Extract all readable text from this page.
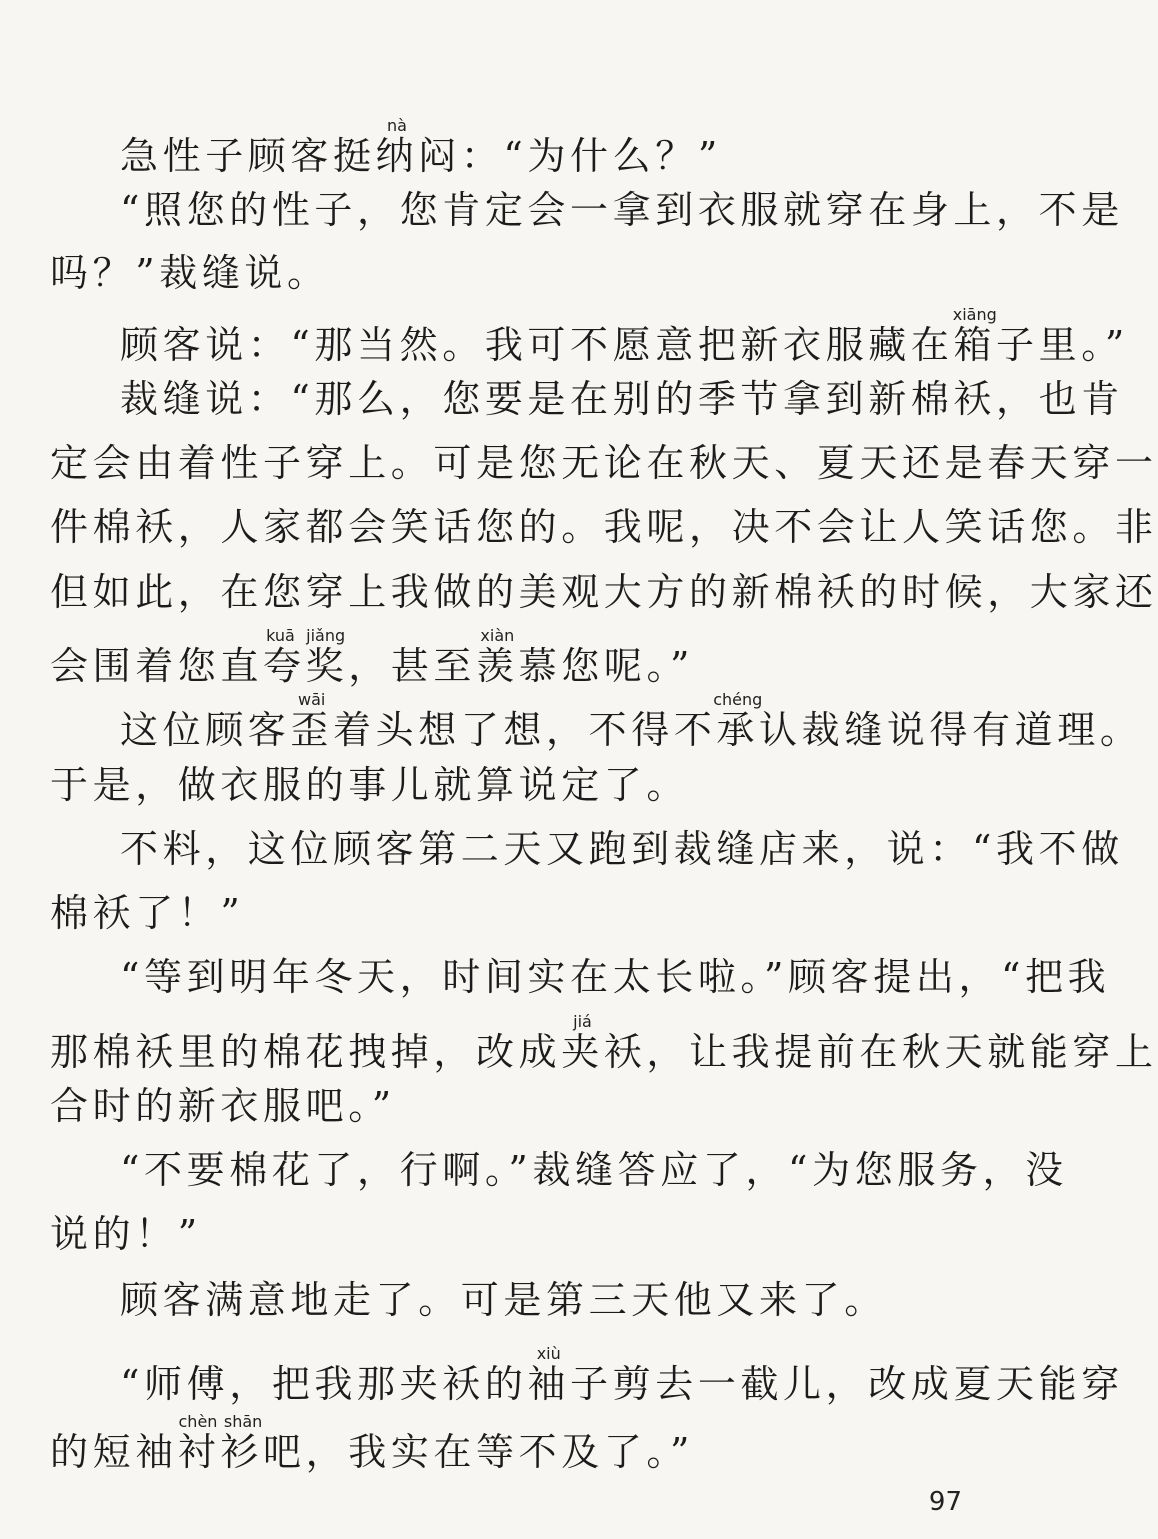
急性子顾客挺纳nà闷：“为什么？”
“照您的性子，您肯定会一拿到衣服就穿在身上，不是
吗？”裁缝说。
顾客说：“那当然。我可不愿意把新衣服藏在箱xiāng子里。”
裁缝说：“那么，您要是在别的季节拿到新棉袄，也肯
定会由着性子穿上。可是您无论在秋天、夏天还是春天穿一
件棉袄，人家都会笑话您的。我呢，决不会让人笑话您。非
但如此，在您穿上我做的美观大方的新棉袄的时候，大家还
会围着您直夸奖kuā jiǎng，甚至羡xiàn慕您呢。”
这位顾客歪wāi着头想了想，不得不承chéng认裁缝说得有道理。
于是，做衣服的事儿就算说定了。
不料，这位顾客第二天又跑到裁缝店来，说：“我不做
棉袄了！”
“等到明年冬天，时间实在太长啦。”顾客提出，“把我
那棉袄里的棉花拽掉，改成夹jiá袄，让我提前在秋天就能穿上
合时的新衣服吧。”
“不要棉花了，行啊。”裁缝答应了，“为您服务，没
说的！”
顾客满意地走了。可是第三天他又来了。
“师傅，把我那夹袄的袖xiù子剪去一截儿，改成夏天能穿
的短袖衬衫chèn shān吧，我实在等不及了。”
97
